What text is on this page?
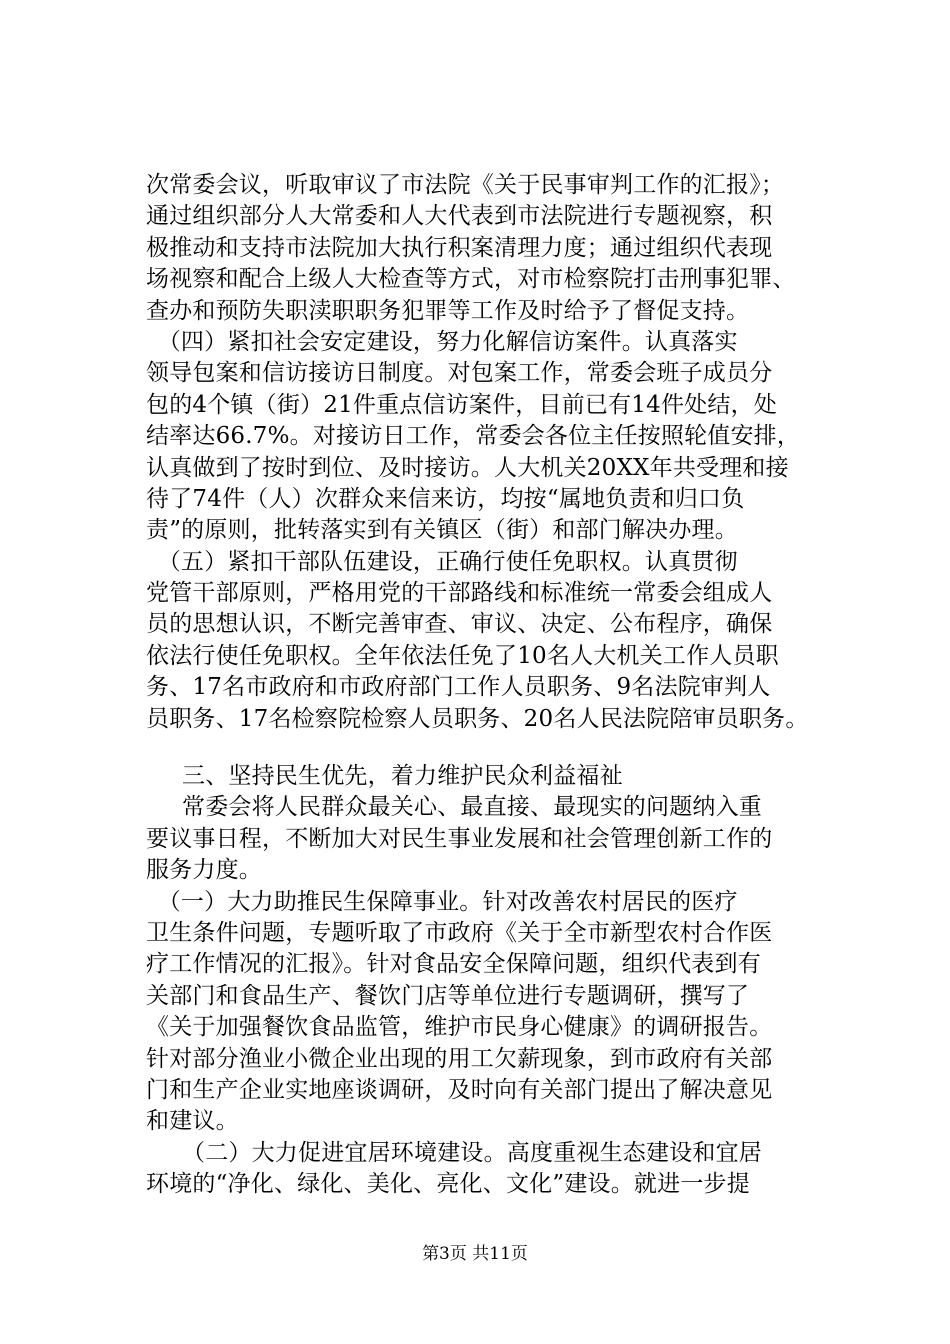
次常委会议，听取审议了市法院《关于民事审判工作的汇报》；
通过组织部分人大常委和人大代表到市法院进行专题视察，积
极推动和支持市法院加大执行积案清理力度；通过组织代表现
场视察和配合上级人大检查等方式，对市检察院打击刑事犯罪、
查办和预防失职渎职职务犯罪等工作及时给予了督促支持。
　（四）紧扣社会安定建设，努力化解信访案件。认真落实
领导包案和信访接访日制度。对包案工作，常委会班子成员分
包的4个镇（街）21件重点信访案件，目前已有14件处结，处
结率达66.7%。对接访日工作，常委会各位主任按照轮值安排，
认真做到了按时到位、及时接访。人大机关20XX年共受理和接
待了74件（人）次群众来信来访，均按“属地负责和归口负
责”的原则，批转落实到有关镇区（街）和部门解决办理。
　（五）紧扣干部队伍建设，正确行使任免职权。认真贯彻
党管干部原则，严格用党的干部路线和标准统一常委会组成人
员的思想认识，不断完善审查、审议、决定、公布程序，确保
依法行使任免职权。全年依法任免了10名人大机关工作人员职
务、17名市政府和市政府部门工作人员职务、9名法院审判人
员职务、17名检察院检察人员职务、20名人民法院陪审员职务。
三、坚持民生优先，着力维护民众利益福祉
常委会将人民群众最关心、最直接、最现实的问题纳入重
要议事日程，不断加大对民生事业发展和社会管理创新工作的
服务力度。
　（一）大力助推民生保障事业。针对改善农村居民的医疗
卫生条件问题，专题听取了市政府《关于全市新型农村合作医
疗工作情况的汇报》。针对食品安全保障问题，组织代表到有
关部门和食品生产、餐饮门店等单位进行专题调研，撰写了
《关于加强餐饮食品监管，维护市民身心健康》的调研报告。
针对部分渔业小微企业出现的用工欠薪现象，到市政府有关部
门和生产企业实地座谈调研，及时向有关部门提出了解决意见
和建议。
（二）大力促进宜居环境建设。高度重视生态建设和宜居
环境的“净化、绿化、美化、亮化、文化”建设。就进一步提
第3页 共11页
